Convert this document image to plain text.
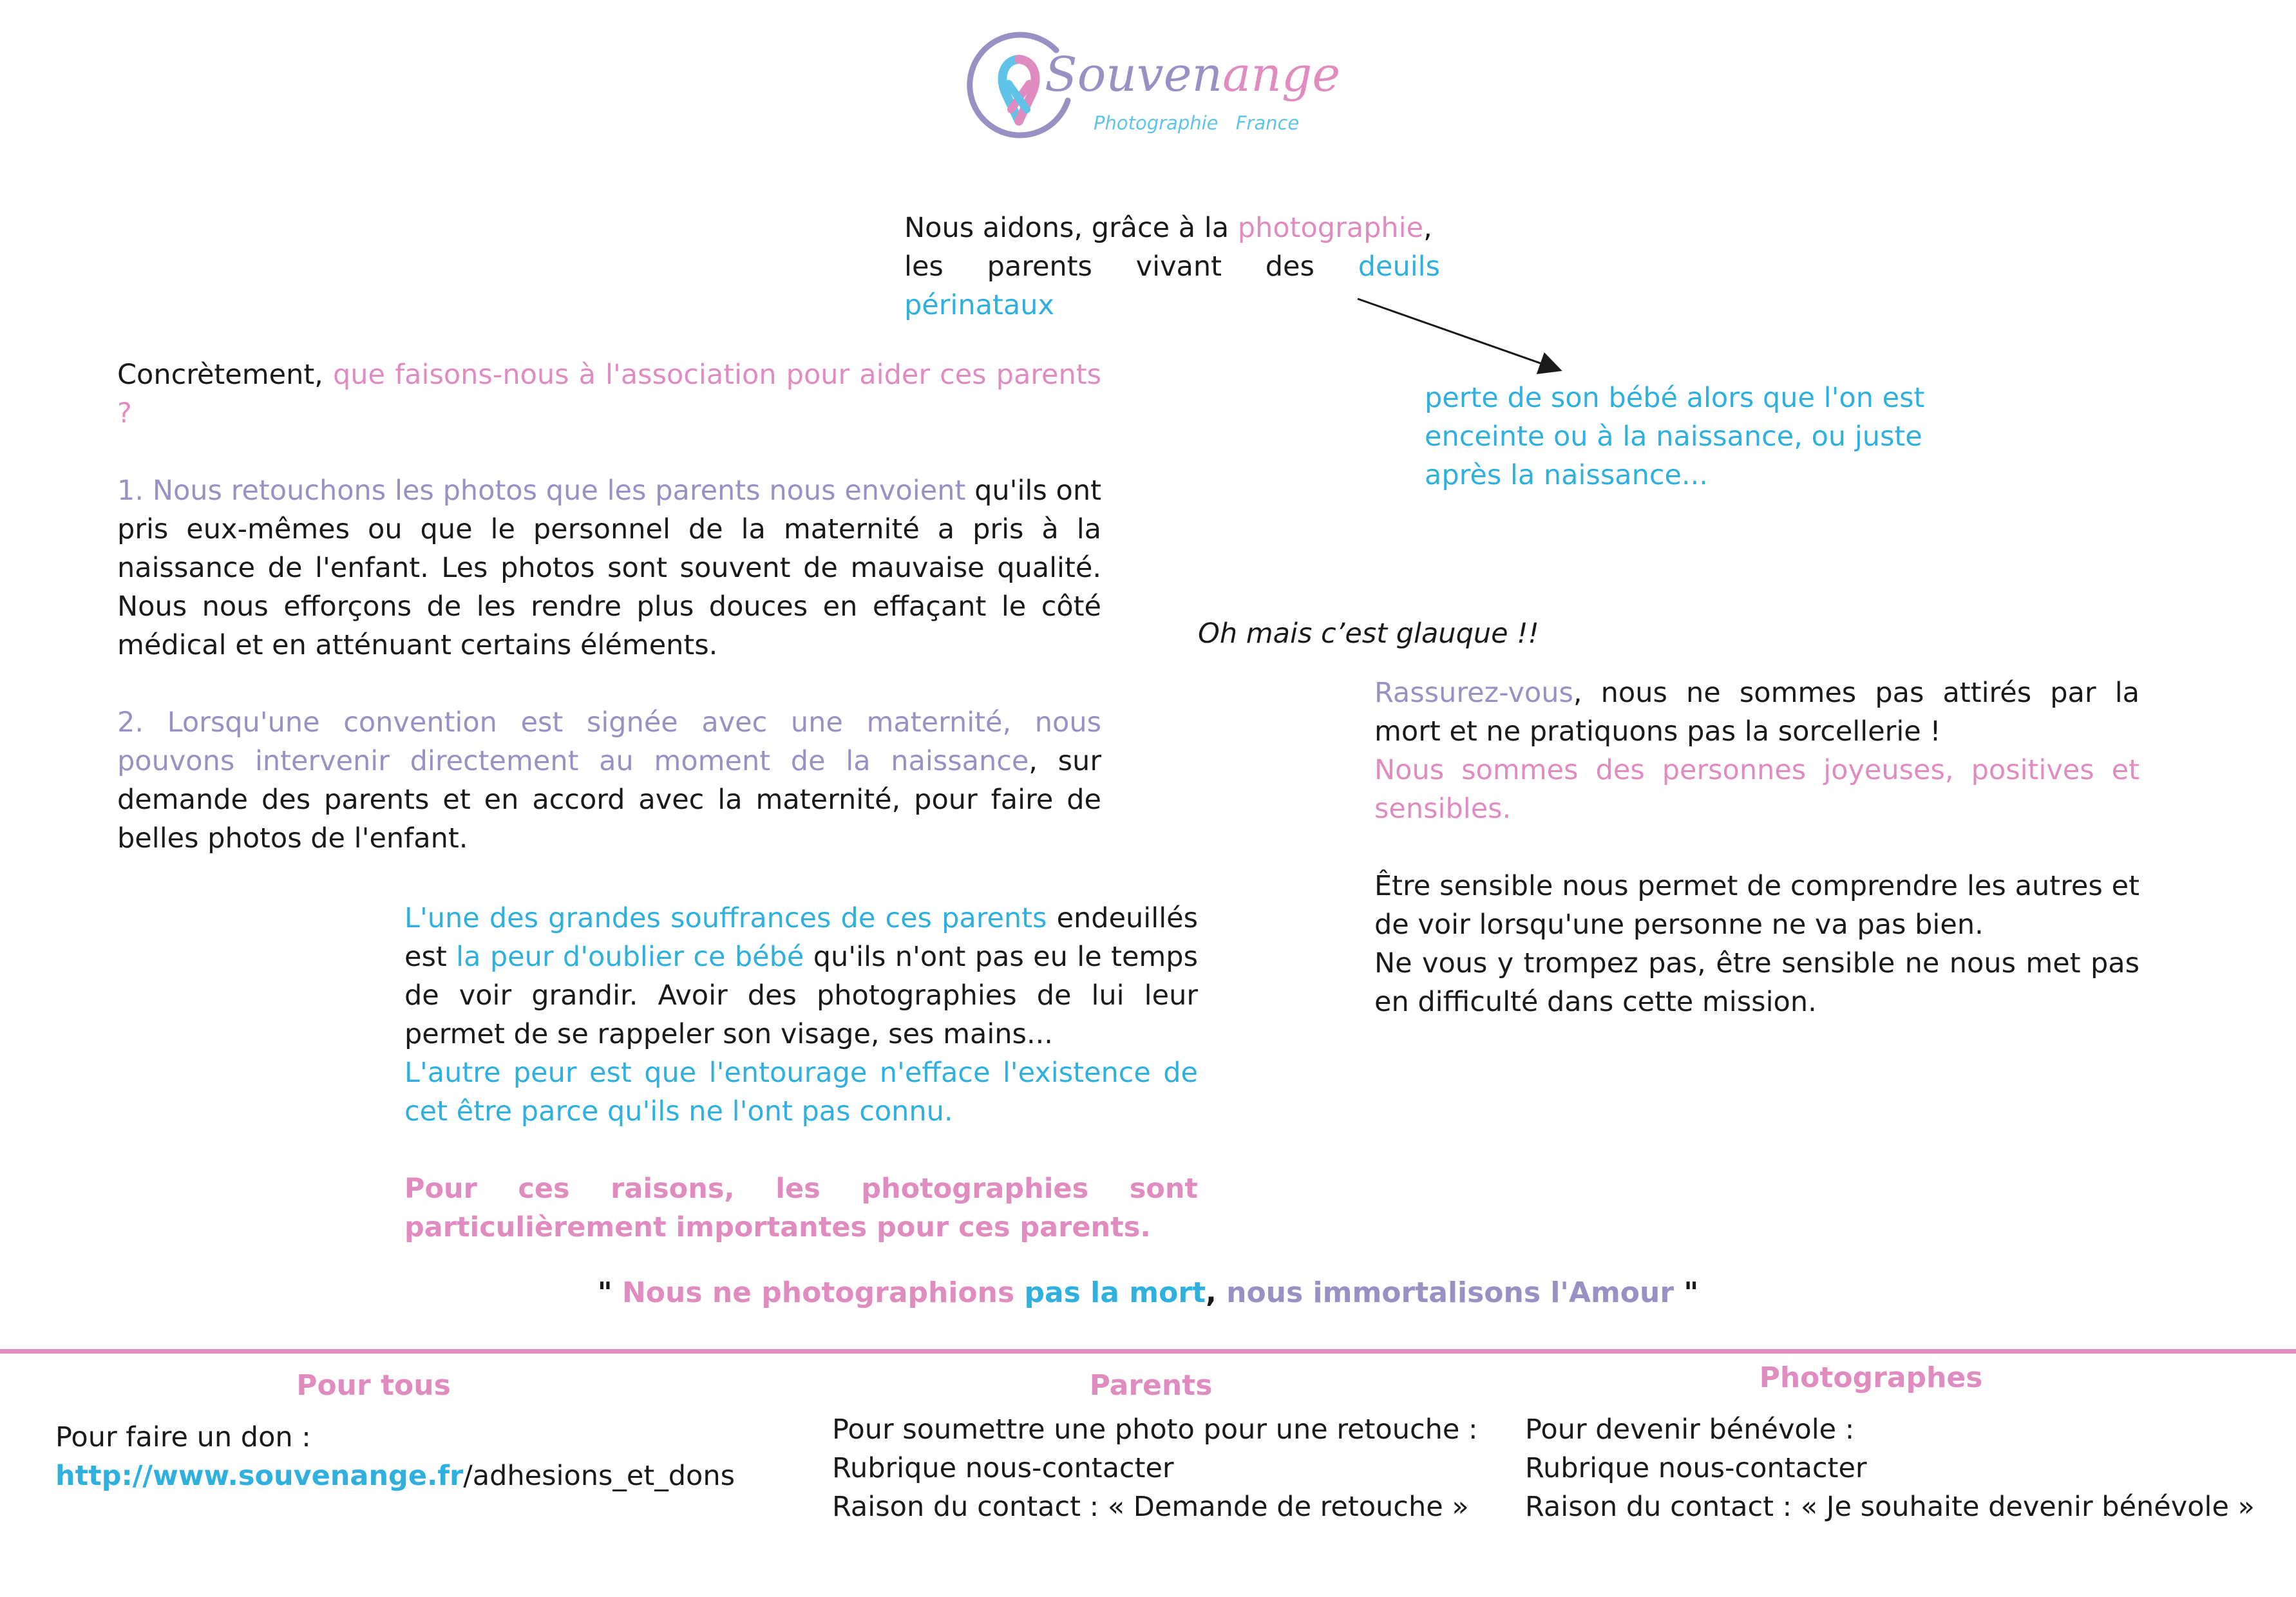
Souvenange
Photographie France
Nous aidons, grâce à la photographie,
les parents vivant des deuils périnataux
perte de son bébé alors que l'on est
enceinte ou à la naissance, ou juste
après la naissance...

Concrètement, que faisons-nous à l'association pour aider ces parents ?

1. Nous retouchons les photos que les parents nous envoient qu'ils ont pris eux-mêmes ou que le personnel de la maternité a pris à la naissance de l'enfant. Les photos sont souvent de mauvaise qualité. Nous nous efforçons de les rendre plus douces en effaçant le côté médical et en atténuant certains éléments.

2. Lorsqu'une convention est signée avec une maternité, nous pouvons intervenir directement au moment de la naissance, sur demande des parents et en accord avec la maternité, pour faire de belles photos de l'enfant.

Oh mais c’est glauque !!

Rassurez-vous, nous ne sommes pas attirés par la mort et ne pratiquons pas la sorcellerie !

Nous sommes des personnes joyeuses, positives et sensibles.

Être sensible nous permet de comprendre les autres et de voir lorsqu'une personne ne va pas bien.

Ne vous y trompez pas, être sensible ne nous met pas en difficulté dans cette mission.

L'une des grandes souffrances de ces parents endeuillés est la peur d'oublier ce bébé qu'ils n'ont pas eu le temps de voir grandir. Avoir des photographies de lui leur permet de se rappeler son visage, ses mains...

L'autre peur est que l'entourage n'efface l'existence de cet être parce qu'ils ne l'ont pas connu.

Pour ces raisons, les photographies sont particulièrement importantes pour ces parents.

" Nous ne photographions pas la mort, nous immortalisons l'Amour "
Pour tous
Pour faire un don :
http://www.souvenange.fr/adhesions_et_dons
Parents
Pour soumettre une photo pour une retouche :
Rubrique nous-contacter
Raison du contact : « Demande de retouche »
Photographes
Pour devenir bénévole :
Rubrique nous-contacter
Raison du contact : « Je souhaite devenir bénévole »
